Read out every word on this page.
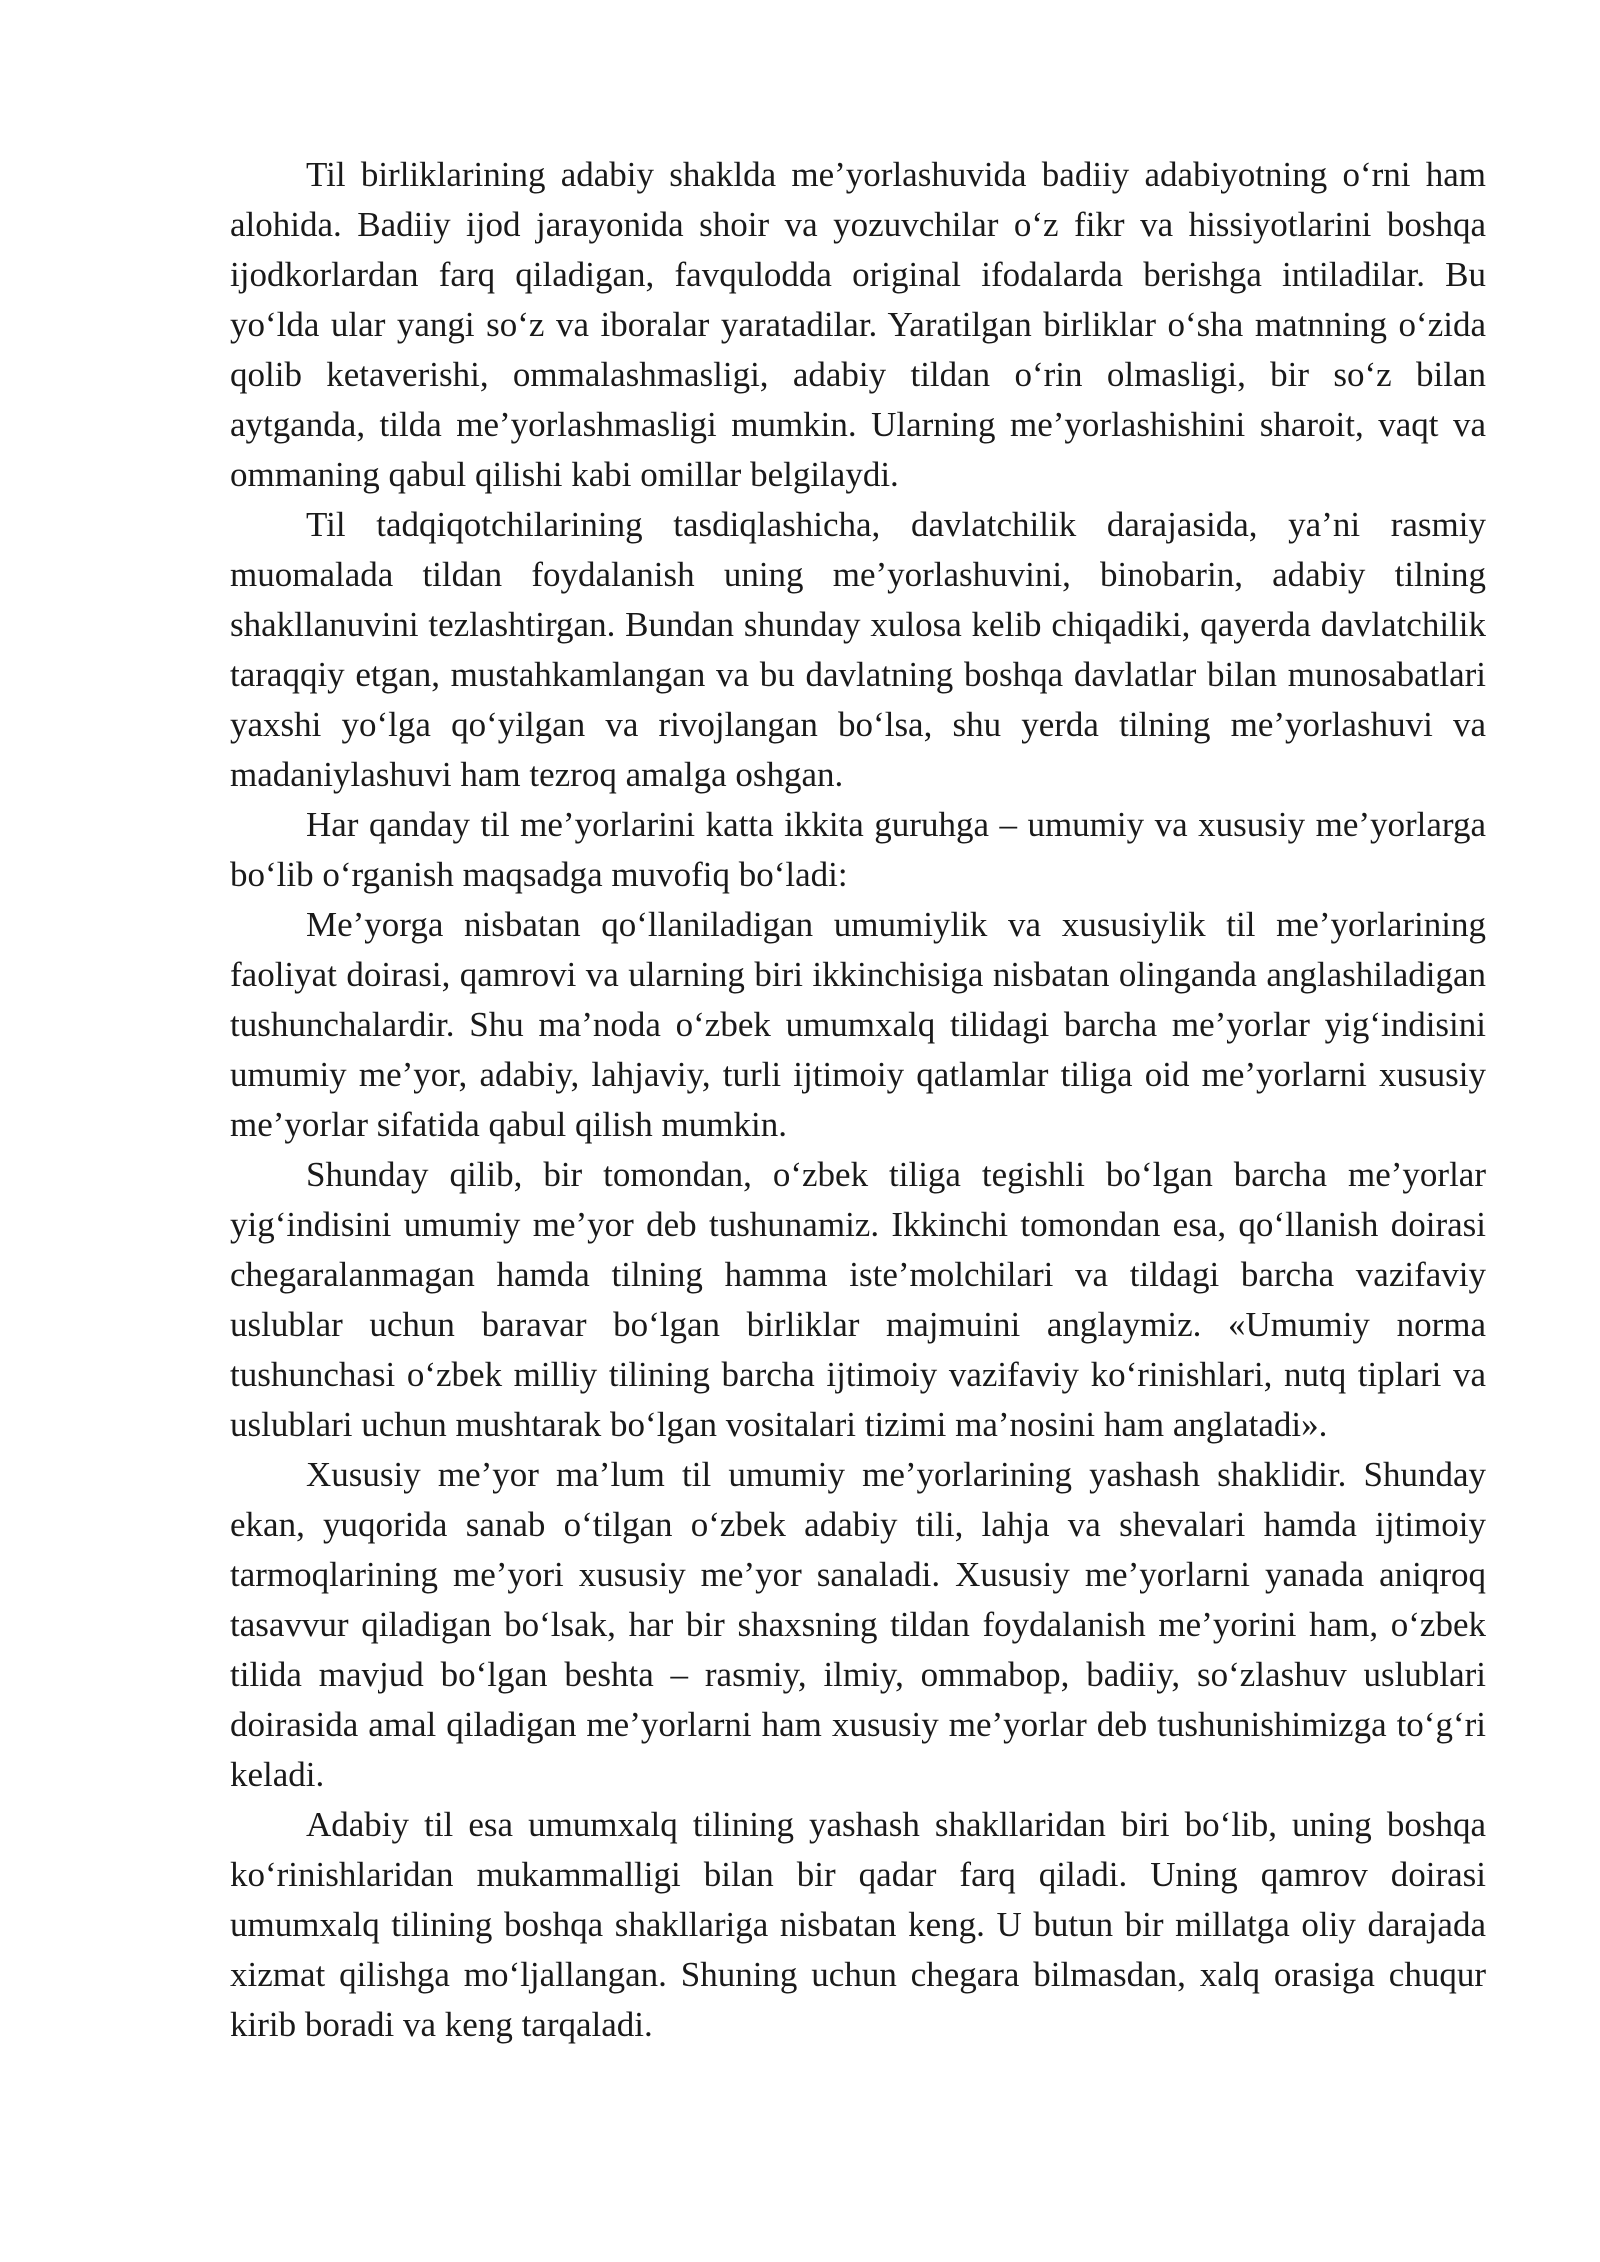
Til birliklarining adabiy shaklda me’yorlashuvida badiiy adabiyotning o‘rni ham alohida. Badiiy ijod jarayonida shoir va yozuvchilar o‘z fikr va hissiyotlarini boshqa ijodkorlardan farq qiladigan, favqulodda original ifodalarda berishga intiladilar. Bu yo‘lda ular yangi so‘z va iboralar yaratadilar. Yaratilgan birliklar o‘sha matnning o‘zida qolib ketaverishi, ommalashmasligi, adabiy tildan o‘rin olmasligi, bir so‘z bilan aytganda, tilda me’yorlashmasligi mumkin. Ularning me’yorlashishini sharoit, vaqt va ommaning qabul qilishi kabi omillar belgilaydi.

Til tadqiqotchilarining tasdiqlashicha, davlatchilik darajasida, ya’ni rasmiy muomalada tildan foydalanish uning me’yorlashuvini, binobarin, adabiy tilning shakllanuvini tezlashtirgan. Bundan shunday xulosa kelib chiqadiki, qayerda davlatchilik taraqqiy etgan, mustahkamlangan va bu davlatning boshqa davlatlar bilan munosabatlari yaxshi yo‘lga qo‘yilgan va rivojlangan bo‘lsa, shu yerda tilning me’yorlashuvi va madaniylashuvi ham tezroq amalga oshgan.

Har qanday til me’yorlarini katta ikkita guruhga – umumiy va xususiy me’yorlarga bo‘lib o‘rganish maqsadga muvofiq bo‘ladi:

Me’yorga nisbatan qo‘llaniladigan umumiylik va xususiylik til me’yorlarining faoliyat doirasi, qamrovi va ularning biri ikkinchisiga nisbatan olinganda anglashiladigan tushunchalardir. Shu ma’noda o‘zbek umumxalq tilidagi barcha me’yorlar yig‘indisini umumiy me’yor, adabiy, lahjaviy, turli ijtimoiy qatlamlar tiliga oid me’yorlarni xususiy me’yorlar sifatida qabul qilish mumkin.

Shunday qilib, bir tomondan, o‘zbek tiliga tegishli bo‘lgan barcha me’yorlar yig‘indisini umumiy me’yor deb tushunamiz. Ikkinchi tomondan esa, qo‘llanish doirasi chegaralanmagan hamda tilning hamma iste’molchilari va tildagi barcha vazifaviy uslublar uchun baravar bo‘lgan birliklar majmuini anglaymiz. «Umumiy norma tushunchasi o‘zbek milliy tilining barcha ijtimoiy vazifaviy ko‘rinishlari, nutq tiplari va uslublari uchun mushtarak bo‘lgan vositalari tizimi ma’nosini ham anglatadi».

Xususiy me’yor ma’lum til umumiy me’yorlarining yashash shaklidir. Shunday ekan, yuqorida sanab o‘tilgan o‘zbek adabiy tili, lahja va shevalari hamda ijtimoiy tarmoqlarining me’yori xususiy me’yor sanaladi. Xususiy me’yorlarni yanada aniqroq tasavvur qiladigan bo‘lsak, har bir shaxsning tildan foydalanish me’yorini ham, o‘zbek tilida mavjud bo‘lgan beshta – rasmiy, ilmiy, ommabop, badiiy, so‘zlashuv uslublari doirasida amal qiladigan me’yorlarni ham xususiy me’yorlar deb tushunishimizga to‘g‘ri keladi.

Adabiy til esa umumxalq tilining yashash shakllaridan biri bo‘lib, uning boshqa ko‘rinishlaridan mukammalligi bilan bir qadar farq qiladi. Uning qamrov doirasi umumxalq tilining boshqa shakllariga nisbatan keng. U butun bir millatga oliy darajada xizmat qilishga mo‘ljallangan. Shuning uchun chegara bilmasdan, xalq orasiga chuqur kirib boradi va keng tarqaladi.
